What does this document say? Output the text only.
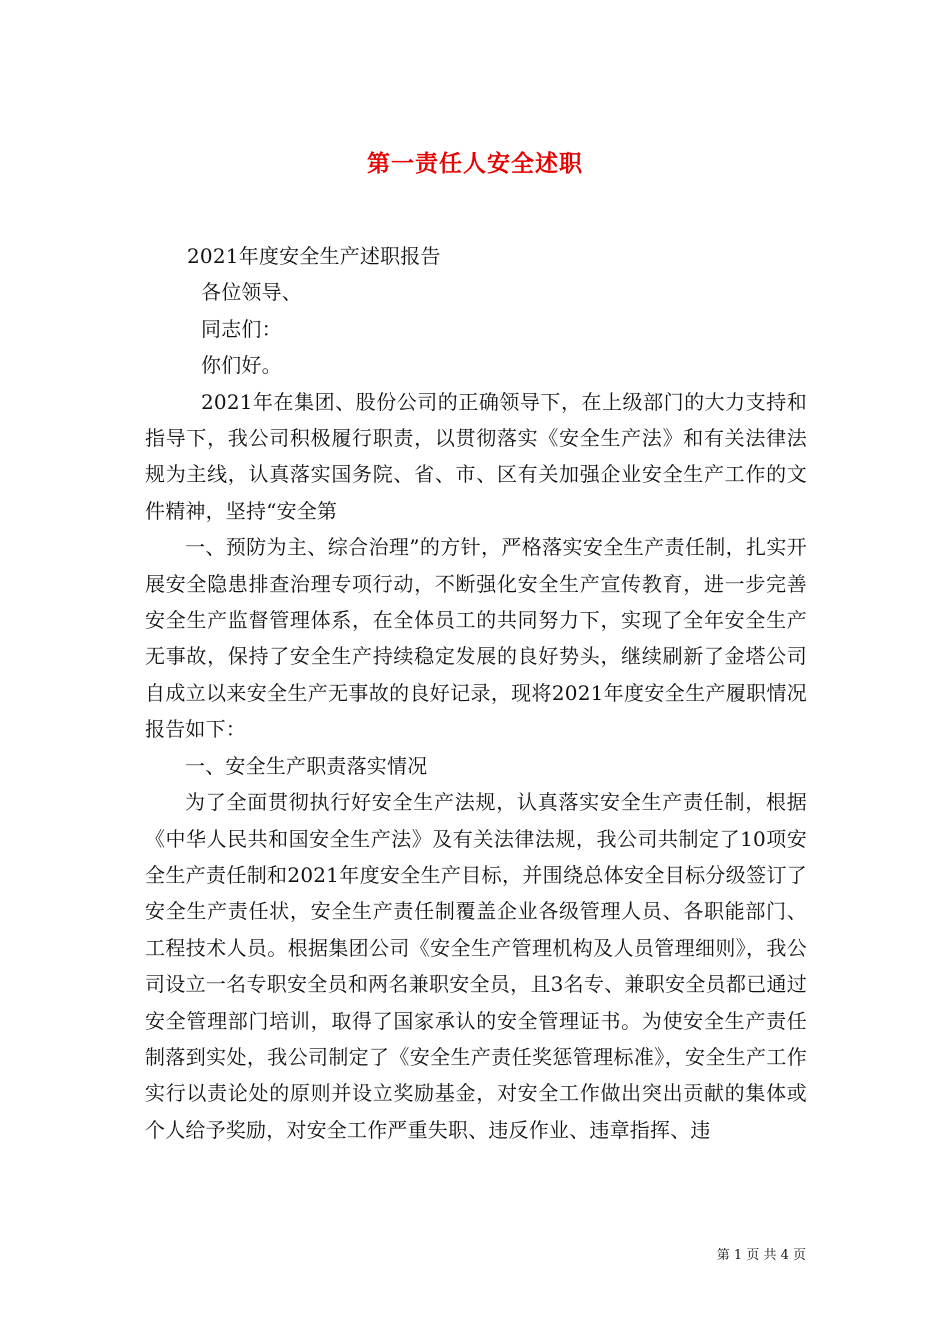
第一责任人安全述职

2021年度安全生产述职报告

各位领导、

同志们：

你们好。

2021年在集团、股份公司的正确领导下，在上级部门的大力支持和指导下，我公司积极履行职责，以贯彻落实《安全生产法》和有关法律法规为主线，认真落实国务院、省、市、区有关加强企业安全生产工作的文件精神，坚持“安全第

一、预防为主、综合治理”的方针，严格落实安全生产责任制，扎实开展安全隐患排查治理专项行动，不断强化安全生产宣传教育，进一步完善安全生产监督管理体系，在全体员工的共同努力下，实现了全年安全生产无事故，保持了安全生产持续稳定发展的良好势头，继续刷新了金塔公司自成立以来安全生产无事故的良好记录，现将2021年度安全生产履职情况报告如下：

一、安全生产职责落实情况

为了全面贯彻执行好安全生产法规，认真落实安全生产责任制，根据《中华人民共和国安全生产法》及有关法律法规，我公司共制定了10项安全生产责任制和2021年度安全生产目标，并围绕总体安全目标分级签订了安全生产责任状，安全生产责任制覆盖企业各级管理人员、各职能部门、工程技术人员。根据集团公司《安全生产管理机构及人员管理细则》，我公司设立一名专职安全员和两名兼职安全员，且3名专、兼职安全员都已通过安全管理部门培训，取得了国家承认的安全管理证书。为使安全生产责任制落到实处，我公司制定了《安全生产责任奖惩管理标准》，安全生产工作实行以责论处的原则并设立奖励基金，对安全工作做出突出贡献的集体或个人给予奖励，对安全工作严重失职、违反作业、违章指挥、违

第 1 页 共 4 页
